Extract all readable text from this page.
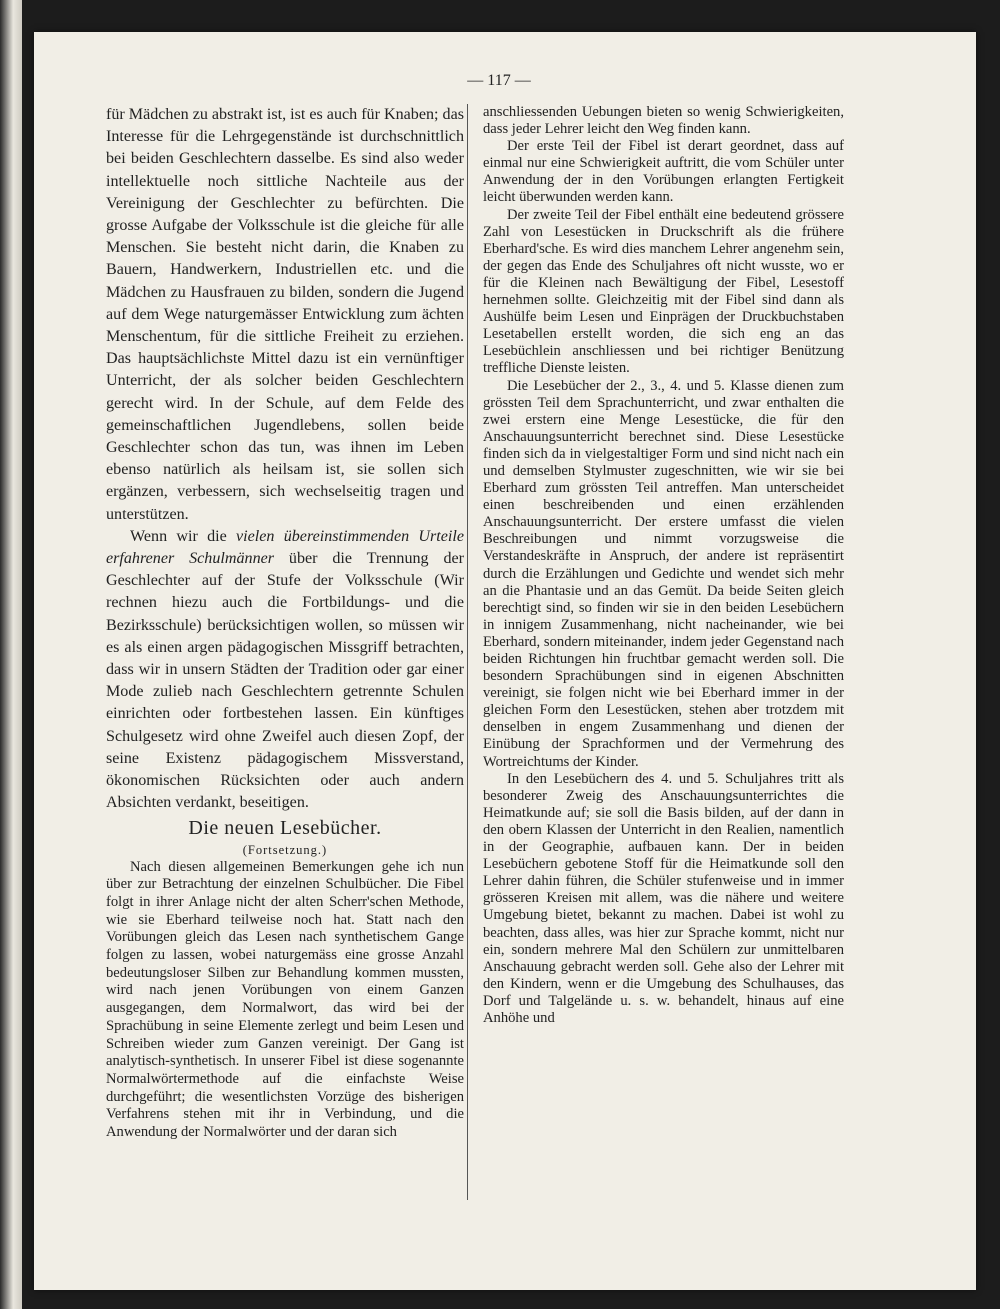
— 117 —

für Mädchen zu abstrakt ist, ist es auch für Knaben; das Interesse für die Lehrgegenstände ist durchschnittlich bei beiden Geschlechtern dasselbe. Es sind also weder intellektuelle noch sittliche Nachteile aus der Vereinigung der Geschlechter zu befürchten. Die grosse Aufgabe der Volksschule ist die gleiche für alle Menschen. Sie besteht nicht darin, die Knaben zu Bauern, Handwerkern, Industriellen etc. und die Mädchen zu Hausfrauen zu bilden, sondern die Jugend auf dem Wege naturgemässer Entwicklung zum ächten Menschentum, für die sittliche Freiheit zu erziehen. Das hauptsächlichste Mittel dazu ist ein vernünftiger Unterricht, der als solcher beiden Geschlechtern gerecht wird. In der Schule, auf dem Felde des gemeinschaftlichen Jugendlebens, sollen beide Geschlechter schon das tun, was ihnen im Leben ebenso natürlich als heilsam ist, sie sollen sich ergänzen, verbessern, sich wechselseitig tragen und unterstützen.

Wenn wir die vielen übereinstimmenden Urteile erfahrener Schulmänner über die Trennung der Geschlechter auf der Stufe der Volksschule (Wir rechnen hiezu auch die Fortbildungs- und die Bezirksschule) berücksichtigen wollen, so müssen wir es als einen argen pädagogischen Missgriff betrachten, dass wir in unsern Städten der Tradition oder gar einer Mode zulieb nach Geschlechtern getrennte Schulen einrichten oder fortbestehen lassen. Ein künftiges Schulgesetz wird ohne Zweifel auch diesen Zopf, der seine Existenz pädagogischem Missverstand, ökonomischen Rücksichten oder auch andern Absichten verdankt, beseitigen.

Die neuen Lesebücher.

(Fortsetzung.)

Nach diesen allgemeinen Bemerkungen gehe ich nun über zur Betrachtung der einzelnen Schulbücher. Die Fibel folgt in ihrer Anlage nicht der alten Scherr'schen Methode, wie sie Eberhard teilweise noch hat. Statt nach den Vorübungen gleich das Lesen nach synthetischem Gange folgen zu lassen, wobei naturgemäss eine grosse Anzahl bedeutungsloser Silben zur Behandlung kommen mussten, wird nach jenen Vorübungen von einem Ganzen ausgegangen, dem Normalwort, das wird bei der Sprachübung in seine Elemente zerlegt und beim Lesen und Schreiben wieder zum Ganzen vereinigt. Der Gang ist analytisch-synthetisch. In unserer Fibel ist diese sogenannte Normalwörtermethode auf die einfachste Weise durchgeführt; die wesentlichsten Vorzüge des bisherigen Verfahrens stehen mit ihr in Verbindung, und die Anwendung der Normalwörter und der daran sich

anschliessenden Uebungen bieten so wenig Schwierigkeiten, dass jeder Lehrer leicht den Weg finden kann.

Der erste Teil der Fibel ist derart geordnet, dass auf einmal nur eine Schwierigkeit auftritt, die vom Schüler unter Anwendung der in den Vorübungen erlangten Fertigkeit leicht überwunden werden kann.

Der zweite Teil der Fibel enthält eine bedeutend grössere Zahl von Lesestücken in Druckschrift als die frühere Eberhard'sche. Es wird dies manchem Lehrer angenehm sein, der gegen das Ende des Schuljahres oft nicht wusste, wo er für die Kleinen nach Bewältigung der Fibel, Lesestoff hernehmen sollte. Gleichzeitig mit der Fibel sind dann als Aushülfe beim Lesen und Einprägen der Druckbuchstaben Lesetabellen erstellt worden, die sich eng an das Lesebüchlein anschliessen und bei richtiger Benützung treffliche Dienste leisten.

Die Lesebücher der 2., 3., 4. und 5. Klasse dienen zum grössten Teil dem Sprachunterricht, und zwar enthalten die zwei erstern eine Menge Lesestücke, die für den Anschauungsunterricht berechnet sind. Diese Lesestücke finden sich da in vielgestaltiger Form und sind nicht nach ein und demselben Stylmuster zugeschnitten, wie wir sie bei Eberhard zum grössten Teil antreffen. Man unterscheidet einen beschreibenden und einen erzählenden Anschauungsunterricht. Der erstere umfasst die vielen Beschreibungen und nimmt vorzugsweise die Verstandeskräfte in Anspruch, der andere ist repräsentirt durch die Erzählungen und Gedichte und wendet sich mehr an die Phantasie und an das Gemüt. Da beide Seiten gleich berechtigt sind, so finden wir sie in den beiden Lesebüchern in innigem Zusammenhang, nicht nacheinander, wie bei Eberhard, sondern miteinander, indem jeder Gegenstand nach beiden Richtungen hin fruchtbar gemacht werden soll. Die besondern Sprachübungen sind in eigenen Abschnitten vereinigt, sie folgen nicht wie bei Eberhard immer in der gleichen Form den Lesestücken, stehen aber trotzdem mit denselben in engem Zusammenhang und dienen der Einübung der Sprachformen und der Vermehrung des Wortreichtums der Kinder.

In den Lesebüchern des 4. und 5. Schuljahres tritt als besonderer Zweig des Anschauungsunterrichtes die Heimatkunde auf; sie soll die Basis bilden, auf der dann in den obern Klassen der Unterricht in den Realien, namentlich in der Geographie, aufbauen kann. Der in beiden Lesebüchern gebotene Stoff für die Heimatkunde soll den Lehrer dahin führen, die Schüler stufenweise und in immer grösseren Kreisen mit allem, was die nähere und weitere Umgebung bietet, bekannt zu machen. Dabei ist wohl zu beachten, dass alles, was hier zur Sprache kommt, nicht nur ein, sondern mehrere Mal den Schülern zur unmittelbaren Anschauung gebracht werden soll. Gehe also der Lehrer mit den Kindern, wenn er die Umgebung des Schulhauses, das Dorf und Talgelände u. s. w. behandelt, hinaus auf eine Anhöhe und
